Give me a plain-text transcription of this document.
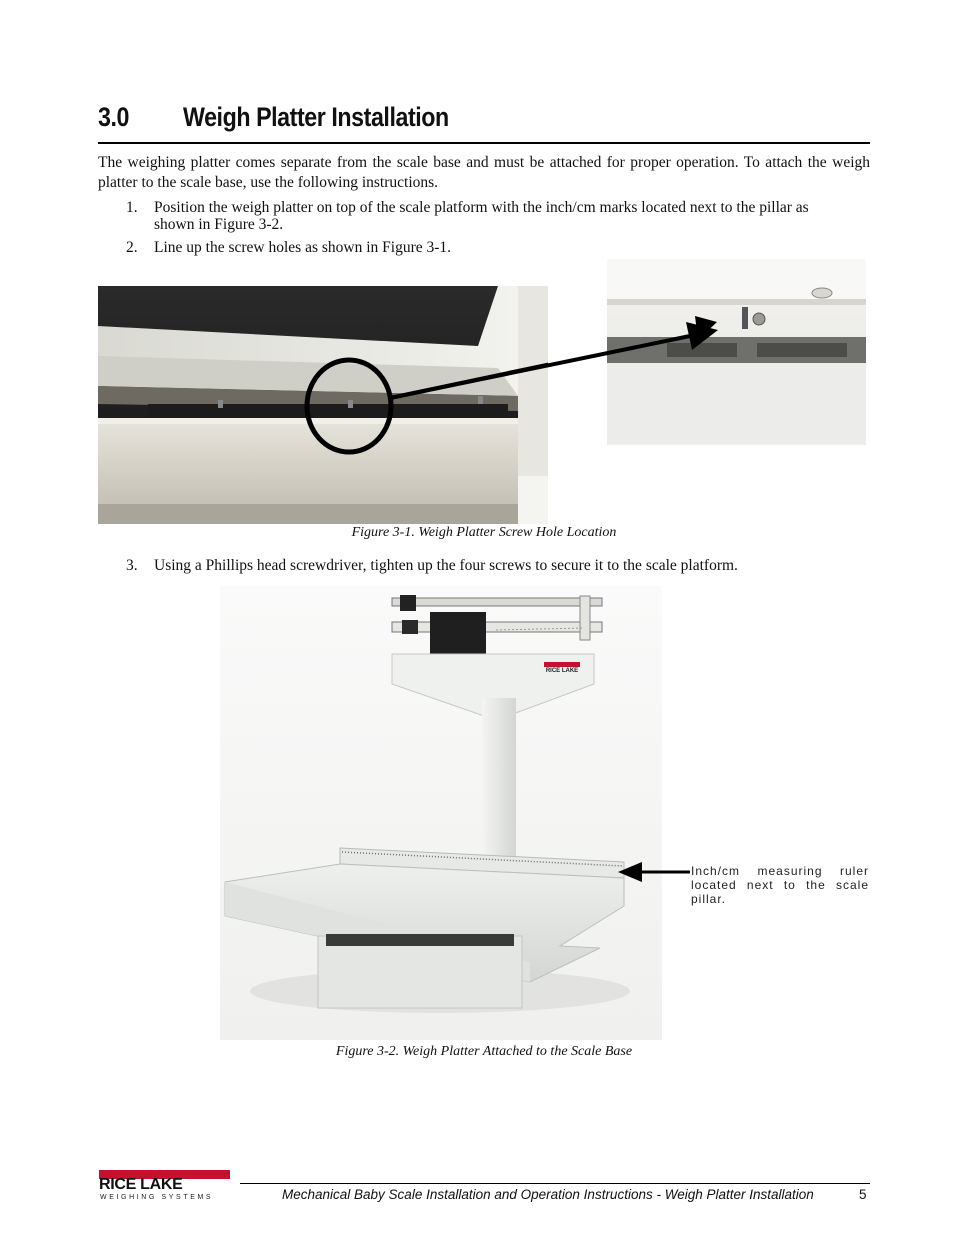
3.0 Weigh Platter Installation
The weighing platter comes separate from the scale base and must be attached for proper operation. To attach the weigh platter to the scale base, use the following instructions.
1. Position the weigh platter on top of the scale platform with the inch/cm marks located next to the pillar as
shown in Figure 3-2.
2. Line up the screw holes as shown in Figure 3-1.
Figure 3-1. Weigh Platter Screw Hole Location
3. Using a Phillips head screwdriver, tighten up the four screws to secure it to the scale platform.
RICE LAKE
Inch/cm measuring ruler located next to the scale pillar.
Figure 3-2. Weigh Platter Attached to the Scale Base
RICE LAKE
WEIGHING SYSTEMS	Mechanical Baby Scale Installation and Operation Instructions - Weigh Platter Installation	5
